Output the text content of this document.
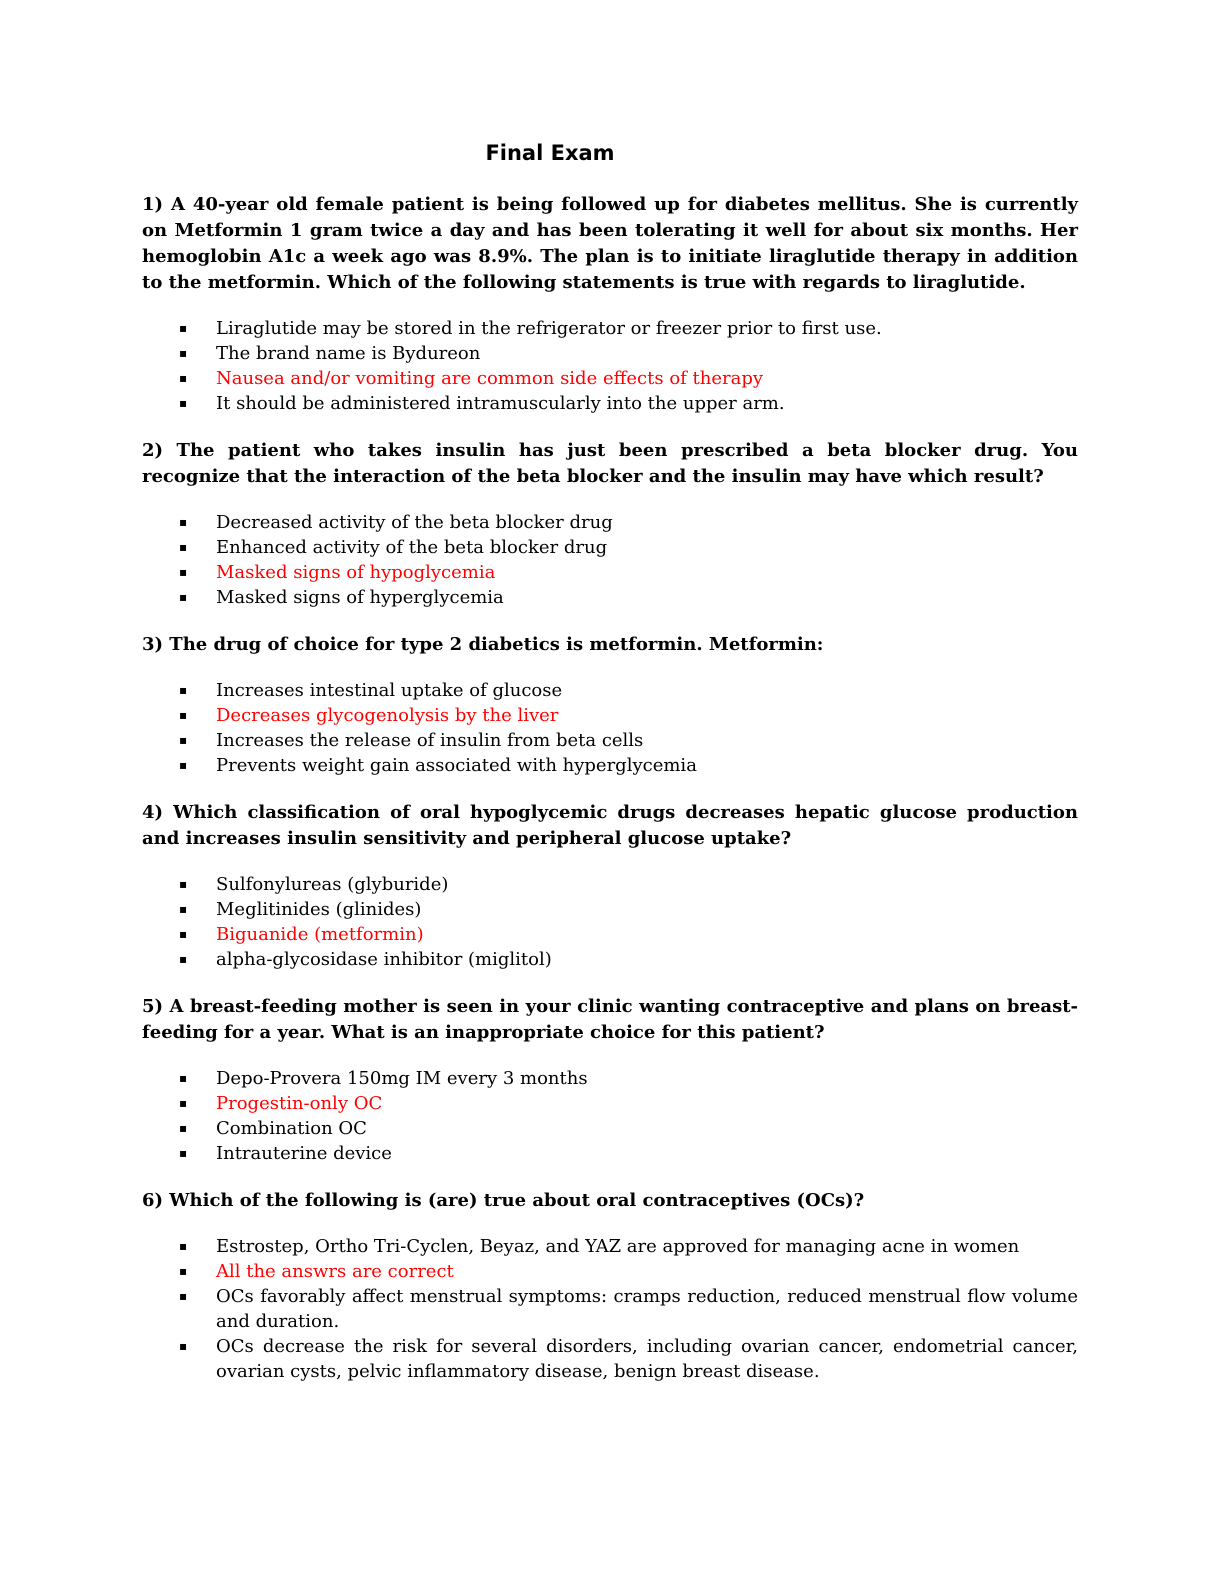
Final Exam

1) A 40-year old female patient is being followed up for diabetes mellitus. She is currently on Metformin 1 gram twice a day and has been tolerating it well for about six months. Her hemoglobin A1c a week ago was 8.9%. The plan is to initiate liraglutide therapy in addition to the metformin. Which of the following statements is true with regards to liraglutide.

▪	Liraglutide may be stored in the refrigerator or freezer prior to first use.
▪	The brand name is Bydureon
▪	Nausea and/or vomiting are common side effects of therapy
▪	It should be administered intramuscularly into the upper arm.

2) The patient who takes insulin has just been prescribed a beta blocker drug. You recognize that the interaction of the beta blocker and the insulin may have which result?

▪	Decreased activity of the beta blocker drug
▪	Enhanced activity of the beta blocker drug
▪	Masked signs of hypoglycemia
▪	Masked signs of hyperglycemia

3) The drug of choice for type 2 diabetics is metformin. Metformin:

▪	Increases intestinal uptake of glucose
▪	Decreases glycogenolysis by the liver
▪	Increases the release of insulin from beta cells
▪	Prevents weight gain associated with hyperglycemia

4) Which classification of oral hypoglycemic drugs decreases hepatic glucose production and increases insulin sensitivity and peripheral glucose uptake?

▪	Sulfonylureas (glyburide)
▪	Meglitinides (glinides)
▪	Biguanide (metformin)
▪	alpha-glycosidase inhibitor (miglitol)

5) A breast-feeding mother is seen in your clinic wanting contraceptive and plans on breast-feeding for a year. What is an inappropriate choice for this patient?

▪	Depo-Provera 150mg IM every 3 months
▪	Progestin-only OC
▪	Combination OC
▪	Intrauterine device

6) Which of the following is (are) true about oral contraceptives (OCs)?

▪	Estrostep, Ortho Tri-Cyclen, Beyaz, and YAZ are approved for managing acne in women
▪	All the answrs are correct
▪	OCs favorably affect menstrual symptoms: cramps reduction, reduced menstrual flow volume and duration.
▪	OCs decrease the risk for several disorders, including ovarian cancer, endometrial cancer, ovarian cysts, pelvic inflammatory disease, benign breast disease.
